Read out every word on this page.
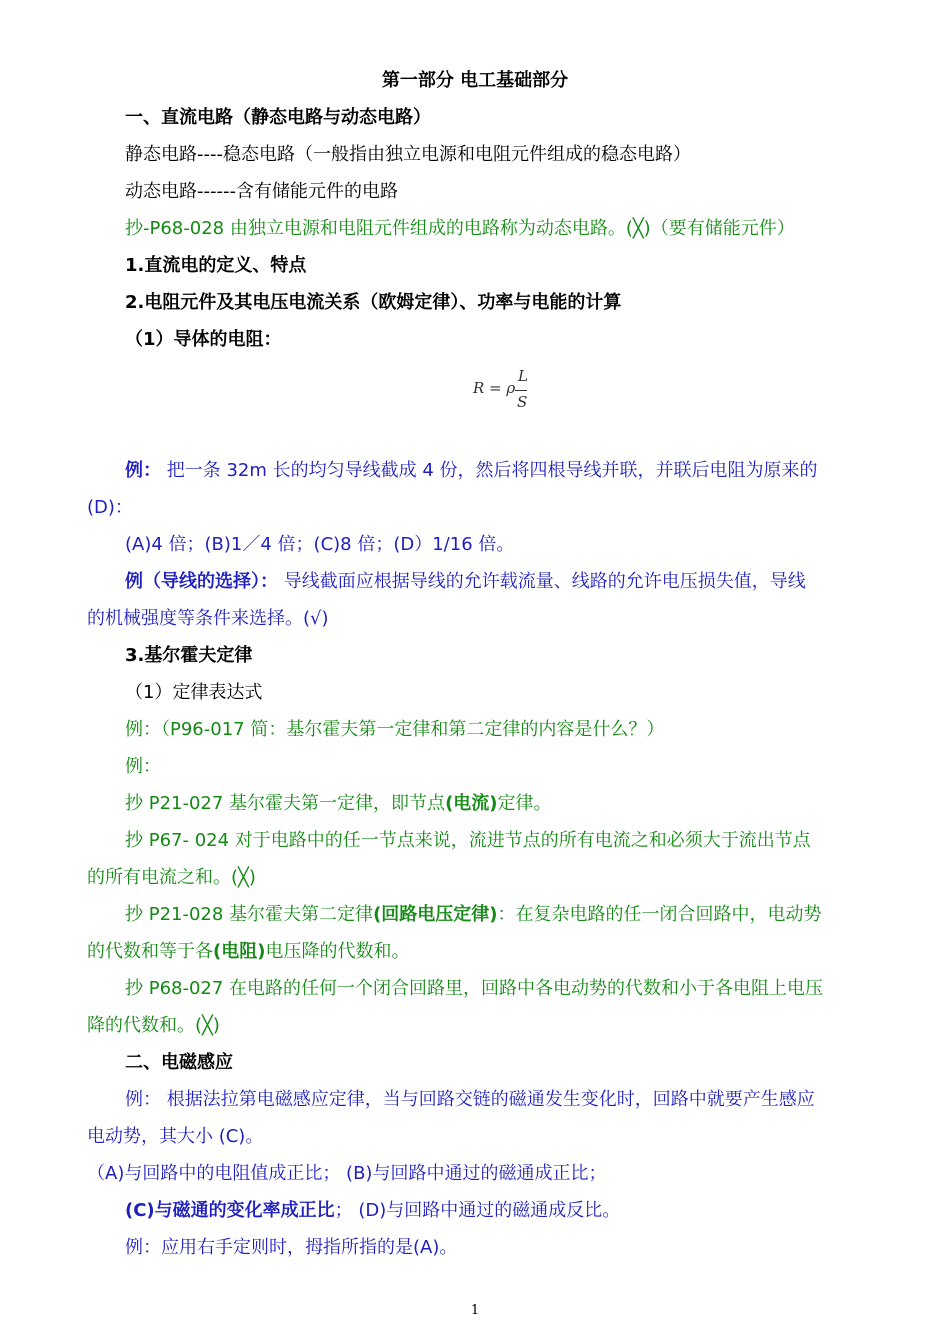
第一部分 电工基础部分
一、直流电路（静态电路与动态电路）
静态电路----稳态电路（一般指由独立电源和电阻元件组成的稳态电路）
动态电路------含有储能元件的电路
抄-P68-028 由独立电源和电阻元件组成的电路称为动态电路。(╳)（要有储能元件）
1.直流电的定义、特点
2.电阻元件及其电压电流关系（欧姆定律）、功率与电能的计算
（1）导体的电阻：
R = ρ
L
S
例： 把一条 32m 长的均匀导线截成 4 份，然后将四根导线并联，并联后电阻为原来的
(D)：
(A)4 倍；(B)1／4 倍；(C)8 倍；(D）1/16 倍。
例（导线的选择）： 导线截面应根据导线的允许载流量、线路的允许电压损失值，导线
的机械强度等条件来选择。(√)
3.基尔霍夫定律
（1）定律表达式
例：（P96-017 简：基尔霍夫第一定律和第二定律的内容是什么？）
例：
抄 P21-027 基尔霍夫第一定律，即节点(电流)定律。
抄 P67- 024 对于电路中的任一节点来说，流进节点的所有电流之和必须大于流出节点
的所有电流之和。(╳)
抄 P21-028 基尔霍夫第二定律(回路电压定律)：在复杂电路的任一闭合回路中，电动势
的代数和等于各(电阻)电压降的代数和。
抄 P68-027 在电路的任何一个闭合回路里，回路中各电动势的代数和小于各电阻上电压
降的代数和。(╳)
二、电磁感应
例： 根据法拉第电磁感应定律，当与回路交链的磁通发生变化时，回路中就要产生感应
电动势，其大小 (C)。
（A)与回路中的电阻值成正比； (B)与回路中通过的磁通成正比；
(C)与磁通的变化率成正比； (D)与回路中通过的磁通成反比。
例：应用右手定则时，拇指所指的是(A)。
1
